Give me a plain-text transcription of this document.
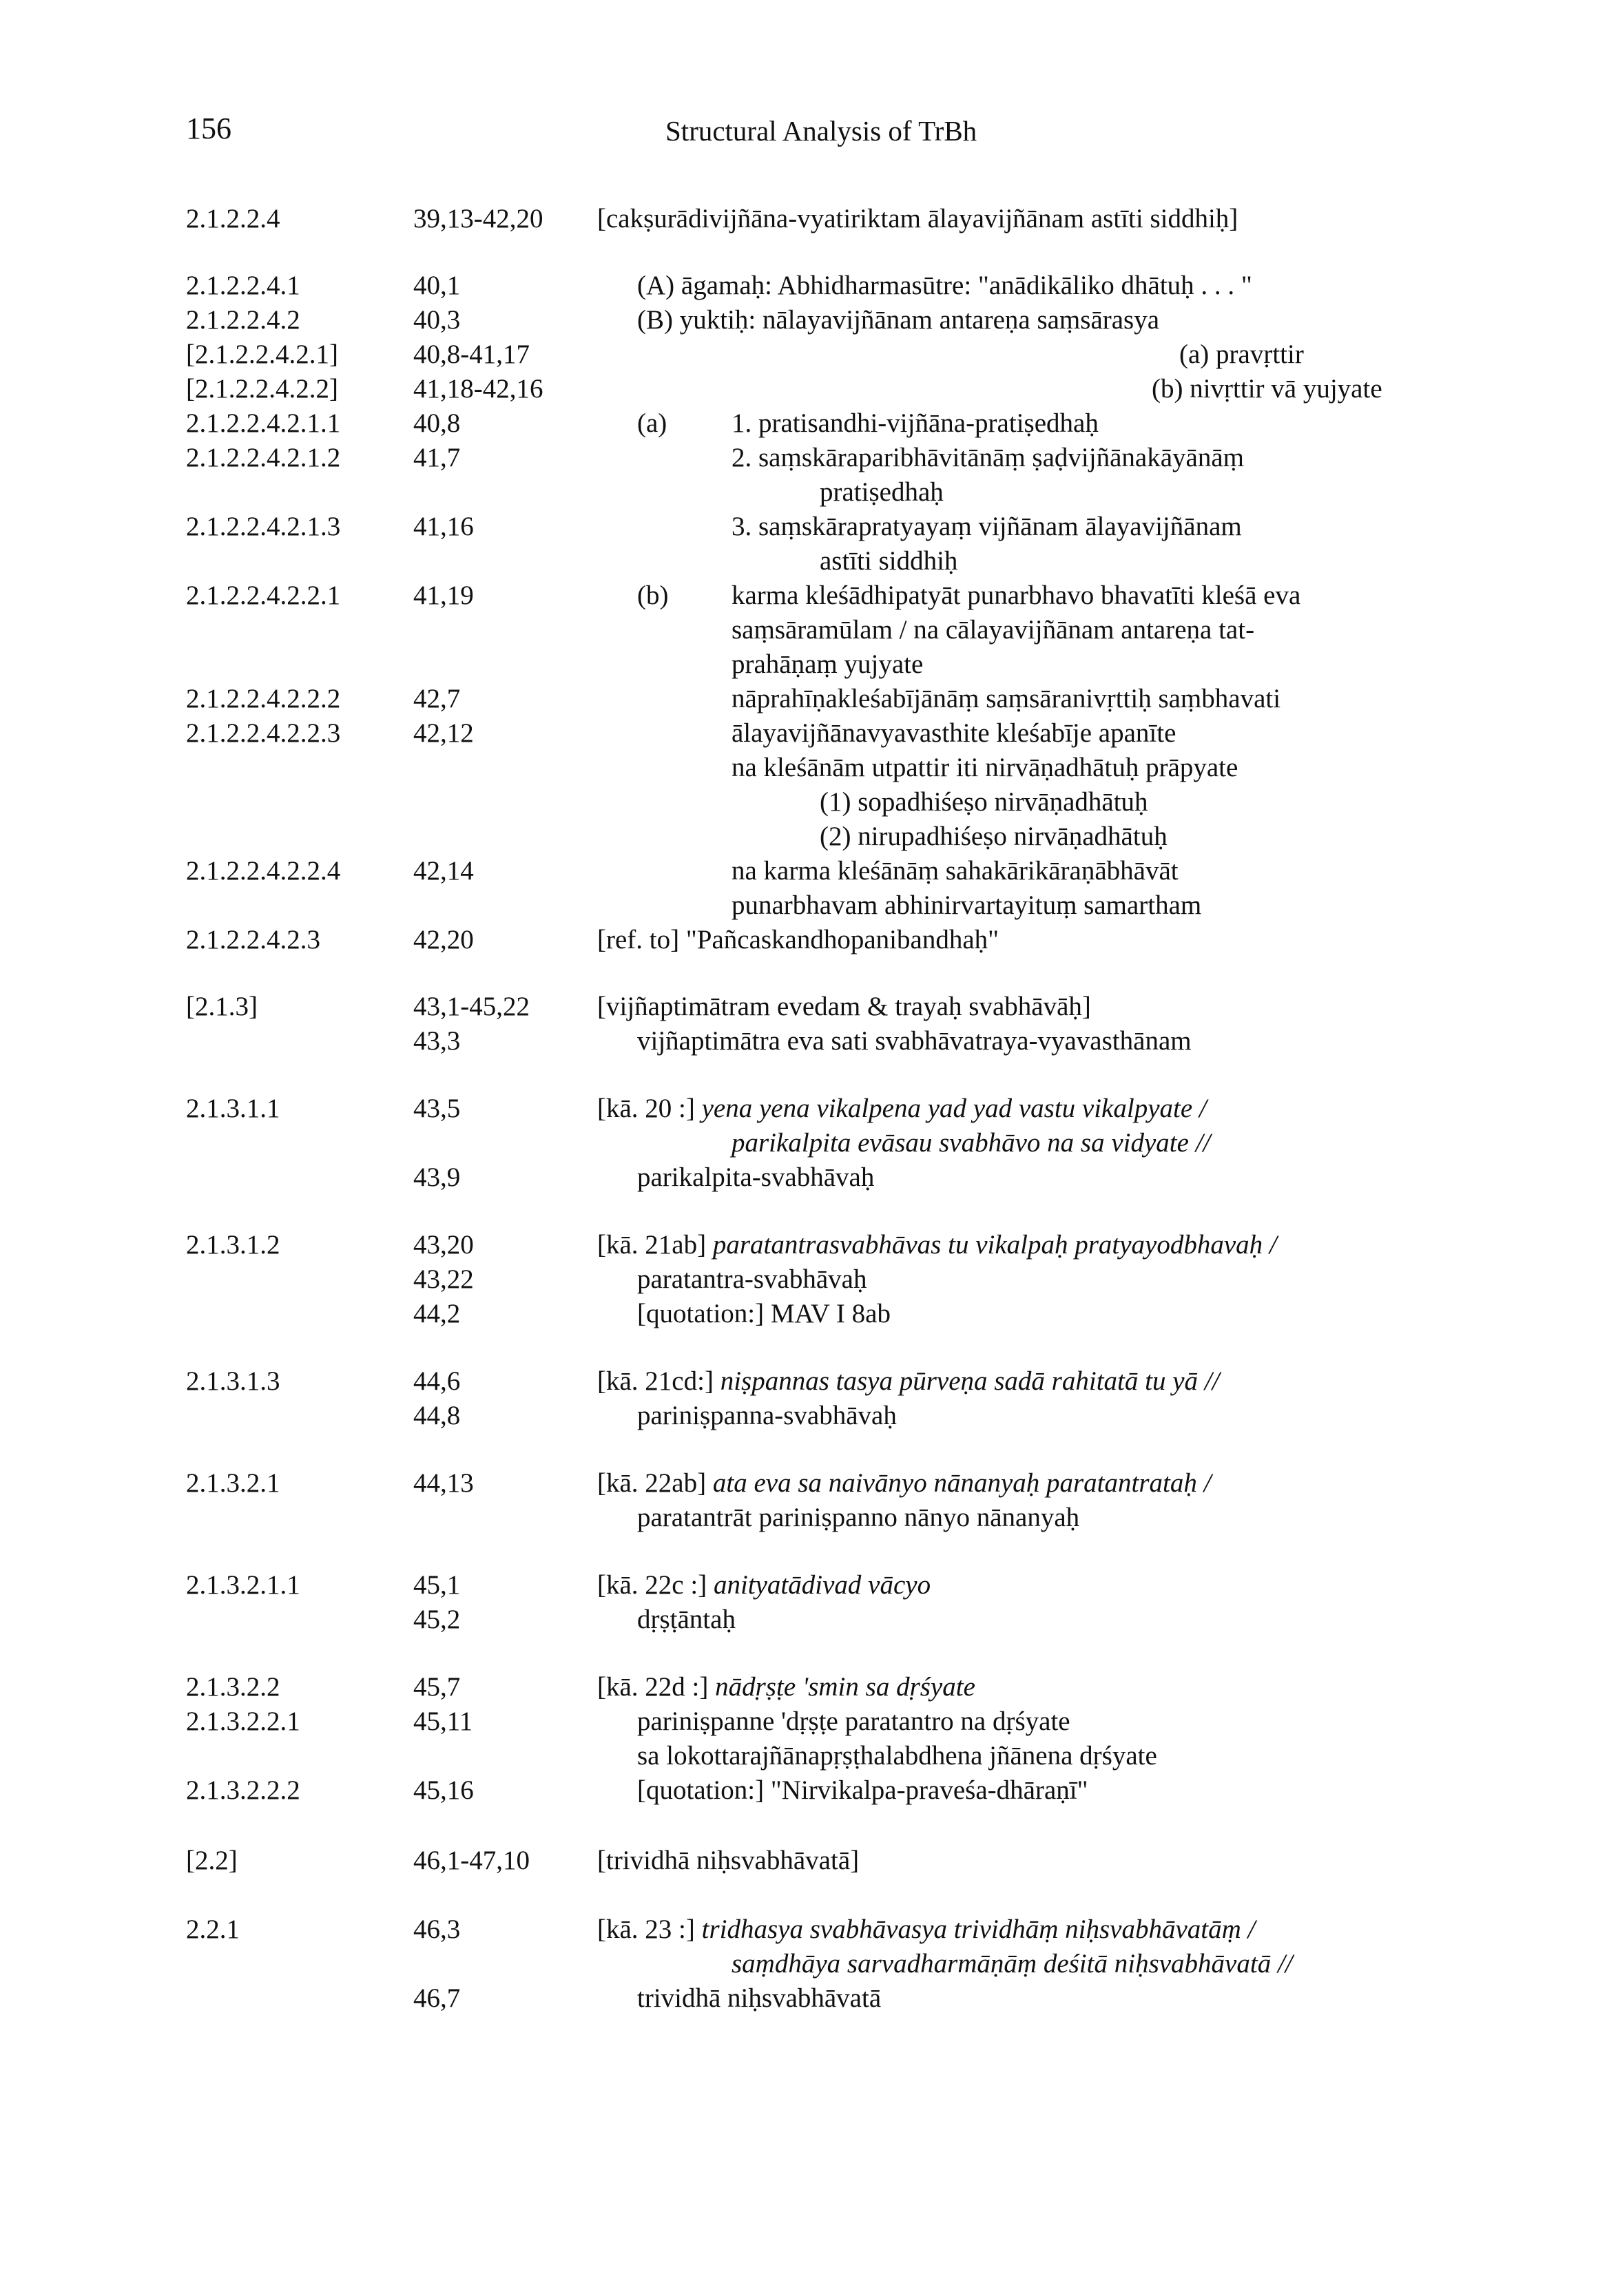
156	Structural Analysis of TrBh
2.1.2.2.4	39,13-42,20 [cakṣurādivijñāna-vyatiriktam ālayavijñānam astīti siddhiḥ]
2.1.2.2.4.1	40,1	(A) āgamaḥ: Abhidharmasūtre: "anādikāliko dhātuḥ . . . "
2.1.2.2.4.2	40,3	(B) yuktiḥ: nālayavijñānam antareṇa saṃsārasya
[2.1.2.2.4.2.1]	40,8-41,17	(a) pravṛttir
[2.1.2.2.4.2.2]	41,18-42,16	(b) nivṛttir vā yujyate
2.1.2.2.4.2.1.1	40,8	(a) 1. pratisandhi-vijñāna-pratiṣedhaḥ
2.1.2.2.4.2.1.2	41,7	2. saṃskāraparibhāvitānāṃ ṣaḍvijñānakāyānāṃ
pratiṣedhaḥ
2.1.2.2.4.2.1.3	41,16	3. saṃskārapratyayaṃ vijñānam ālayavijñānam
astīti siddhiḥ
2.1.2.2.4.2.2.1	41,19	(b) karma kleśādhipatyāt punarbhavo bhavatīti kleśā eva
saṃsāramūlam / na cālayavijñānam antareṇa tat-
prahāṇaṃ yujyate
2.1.2.2.4.2.2.2	42,7	nāprahīṇakleśabījānāṃ saṃsāranivṛttiḥ saṃbhavati
2.1.2.2.4.2.2.3	42,12	ālayavijñānavyavasthite kleśabīje apanīte
na kleśānām utpattir iti nirvāṇadhātuḥ prāpyate
(1) sopadhiśeṣo nirvāṇadhātuḥ
(2) nirupadhiśeṣo nirvāṇadhātuḥ
2.1.2.2.4.2.2.4	42,14	na karma kleśānāṃ sahakārikāraṇābhāvāt
punarbhavam abhinirvartayituṃ samartham
2.1.2.2.4.2.3	42,20	[ref. to] "Pañcaskandhopanibandhaḥ"
[2.1.3]	43,1-45,22	[vijñaptimātram evedam & trayaḥ svabhāvāḥ]
43,3	vijñaptimātra eva sati svabhāvatraya-vyavasthānam
2.1.3.1.1	43,5	[kā. 20 :] yena yena vikalpena yad yad vastu vikalpyate /
parikalpita evāsau svabhāvo na sa vidyate //
43,9	parikalpita-svabhāvaḥ
2.1.3.1.2	43,20	[kā. 21ab] paratantrasvabhāvas tu vikalpaḥ pratyayodbhavaḥ /
43,22	paratantra-svabhāvaḥ
44,2	[quotation:] MAV I 8ab
2.1.3.1.3	44,6	[kā. 21cd:] niṣpannas tasya pūrveṇa sadā rahitatā tu yā //
44,8	pariniṣpanna-svabhāvaḥ
2.1.3.2.1	44,13	[kā. 22ab] ata eva sa naivānyo nānanyaḥ paratantrataḥ /
paratantrāt pariniṣpanno nānyo nānanyaḥ
2.1.3.2.1.1	45,1	[kā. 22c :] anityatādivad vācyo
45,2	dṛṣṭāntaḥ
2.1.3.2.2	45,7	[kā. 22d :] nādṛṣṭe 'smin sa dṛśyate
2.1.3.2.2.1	45,11	pariniṣpanne 'dṛṣṭe paratantro na dṛśyate
sa lokottarajñānapṛṣṭhalabdhena jñānena dṛśyate
2.1.3.2.2.2	45,16	[quotation:] "Nirvikalpa-praveśa-dhāraṇī"
[2.2]	46,1-47,10	[trividhā niḥsvabhāvatā]
2.2.1	46,3	[kā. 23 :] tridhasya svabhāvasya trividhāṃ niḥsvabhāvatāṃ /
saṃdhāya sarvadharmāṇāṃ deśitā niḥsvabhāvatā //
46,7	trividhā niḥsvabhāvatā
